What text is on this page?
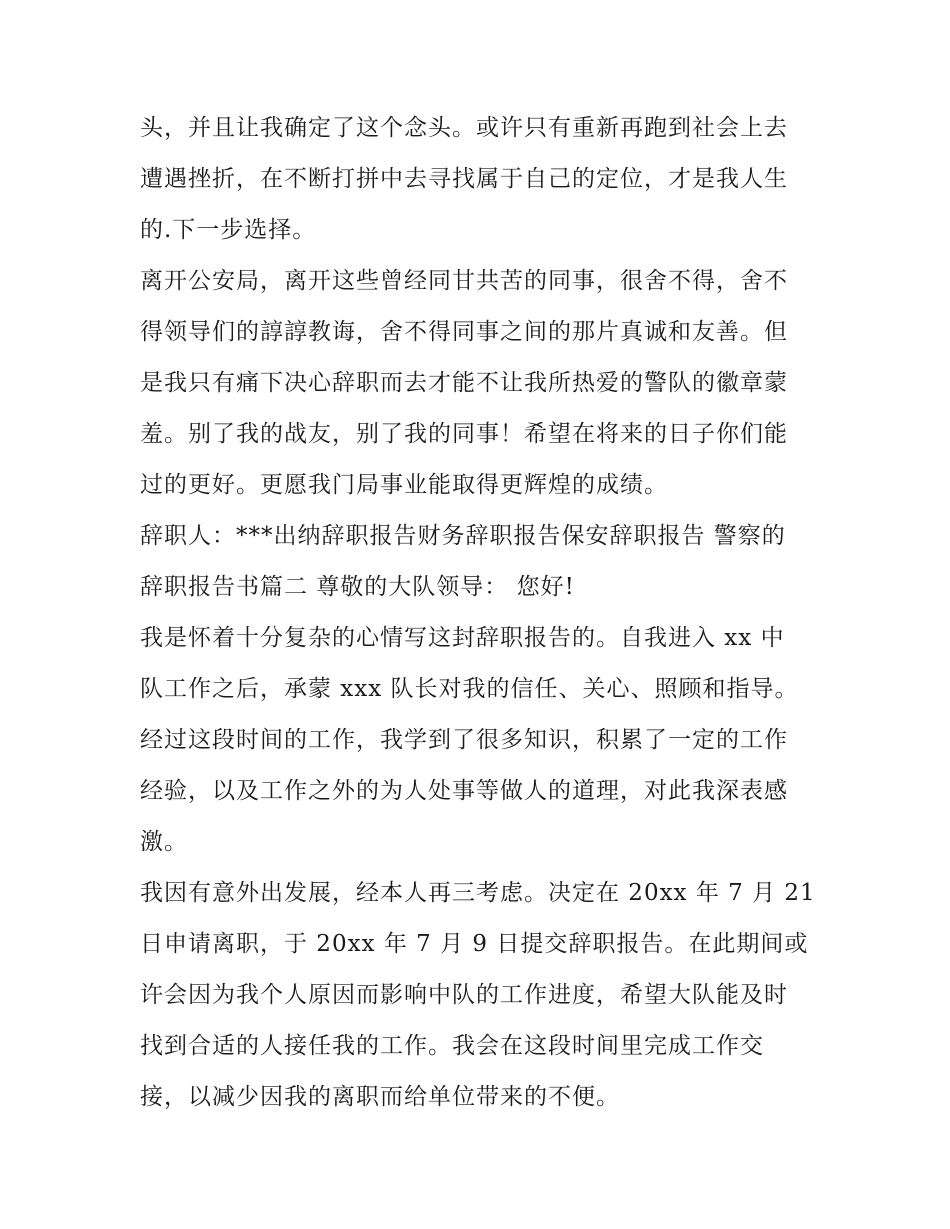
头，并且让我确定了这个念头。或许只有重新再跑到社会上去
遭遇挫折，在不断打拼中去寻找属于自己的定位，才是我人生
的.下一步选择。
离开公安局，离开这些曾经同甘共苦的同事，很舍不得，舍不
得领导们的諄諄教诲，舍不得同事之间的那片真诚和友善。但
是我只有痛下决心辞职而去才能不让我所热爱的警队的徽章蒙
羞。别了我的战友，别了我的同事！希望在将来的日子你们能
过的更好。更愿我门局事业能取得更辉煌的成绩。
辞职人：***出纳辞职报告财务辞职报告保安辞职报告 警察的
辞职报告书篇二 尊敬的大队领导： 您好!
我是怀着十分复杂的心情写这封辞职报告的。自我进入 xx 中
队工作之后，承蒙 xxx 队长对我的信任、关心、照顾和指导。
经过这段时间的工作，我学到了很多知识，积累了一定的工作
经验，以及工作之外的为人处事等做人的道理，对此我深表感
激。
我因有意外出发展，经本人再三考虑。决定在 20xx 年 7 月 21
日申请离职，于 20xx 年 7 月 9 日提交辞职报告。在此期间或
许会因为我个人原因而影响中队的工作进度，希望大队能及时
找到合适的人接任我的工作。我会在这段时间里完成工作交
接，以减少因我的离职而给单位带来的不便。
